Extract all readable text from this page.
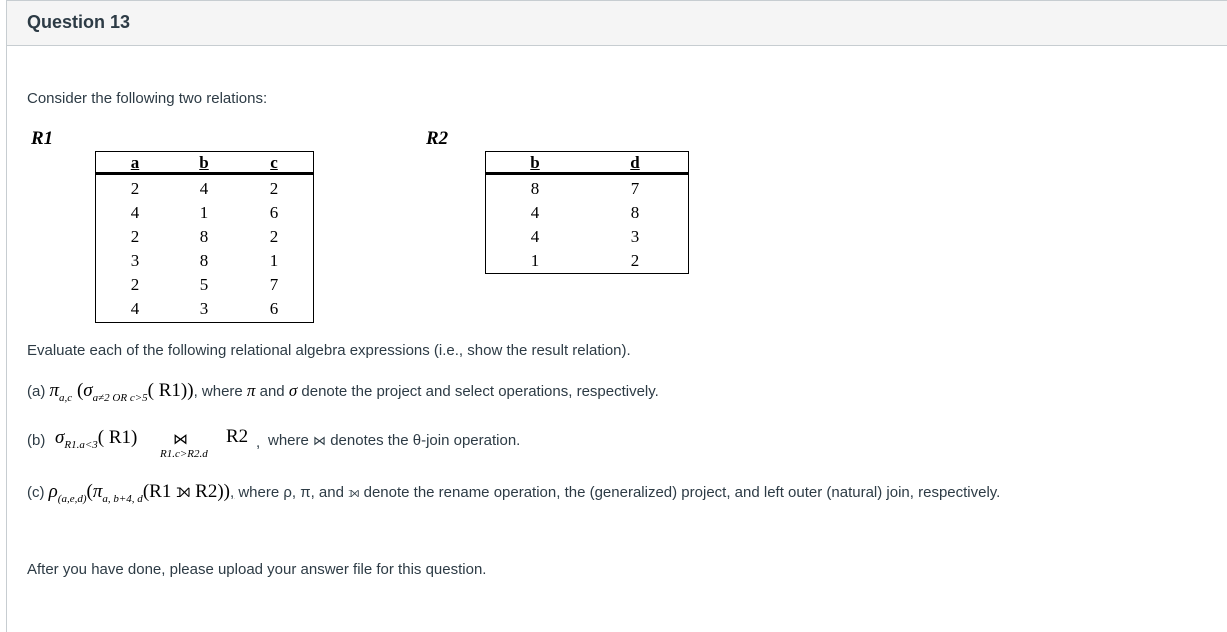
Question 13
Consider the following two relations:
R1
a	b	c
2	4	2
4	1	6
2	8	2
3	8	1
2	5	7
4	3	6
R2
b	d
8	7
4	8
4	3
1	2
Evaluate each of the following relational algebra expressions (i.e., show the result relation).
(a) $\pi_{a,c}$ ($\sigma_{a\ne 2 OR c>5}$( R1)), where π and σ denote the project and select operations, respectively.
(b) $\sigma_{R1.a<3}$( R1) ⋈
R1.c>R2.d
R2 , where ⋈ denotes the θ-join operation.
(c) $\rho_{(a,e,d)}(\pi_{a, b+4, d}(R1$ ⟕ R2)), where ρ, π, and ⟕ denote the rename operation, the (generalized) project, and left outer (natural) join, respectively.
After you have done, please upload your answer file for this question.
